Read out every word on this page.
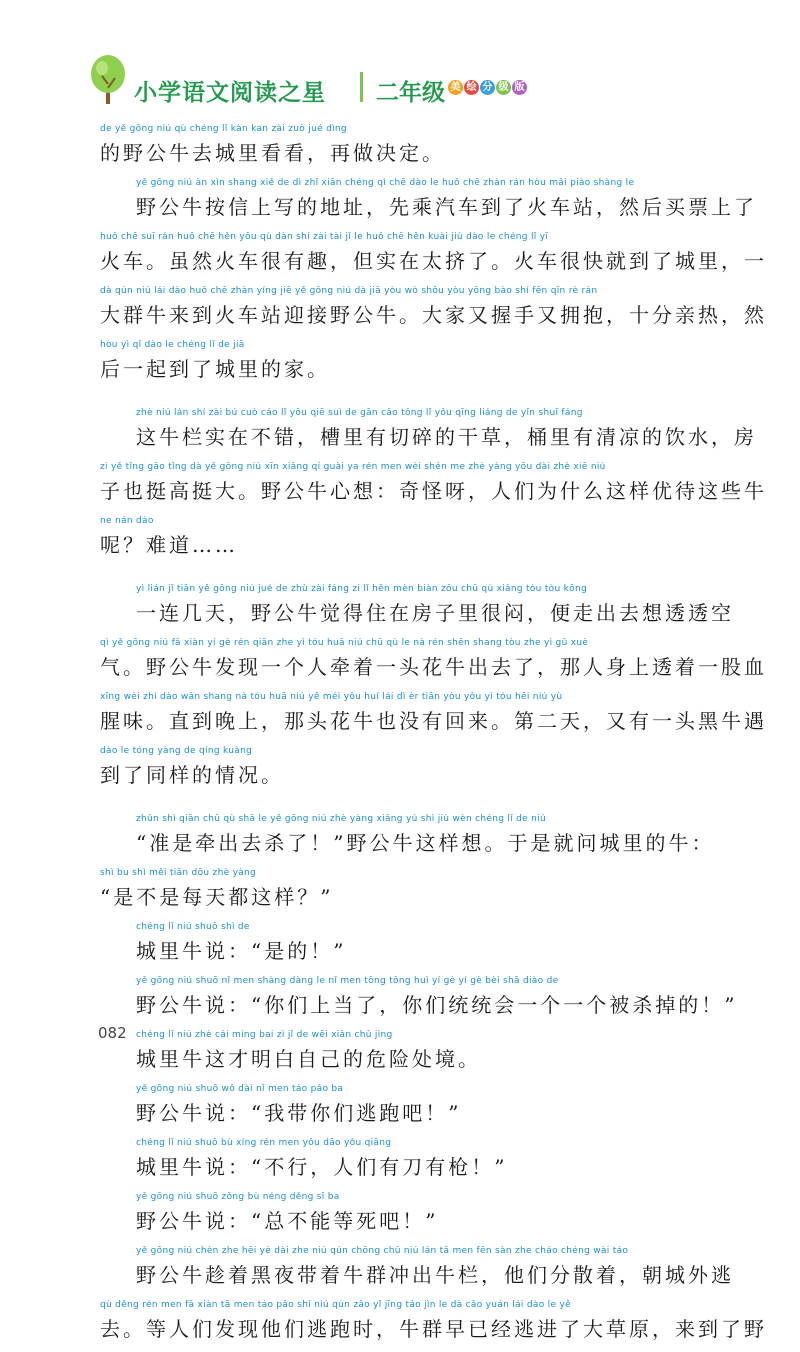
小学语文阅读之星 二年级 美 绘 分 级 版
de yě gōng niú qù chéng lǐ kàn kan zài zuò jué dìng
的野公牛去城里看看，再做决定。
yě gōng niú àn xìn shang xiě de dì zhǐ xiān chéng qì chē dào le huǒ chē zhàn rán hòu mǎi piào shàng le
野公牛按信上写的地址，先乘汽车到了火车站，然后买票上了
huǒ chē suī rán huǒ chē hěn yǒu qù dàn shí zài tài jǐ le huǒ chē hěn kuài jiù dào le chéng lǐ yī
火车。虽然火车很有趣，但实在太挤了。火车很快就到了城里，一
dà qún niú lái dào huǒ chē zhàn yíng jiē yě gōng niú dà jiā yòu wò shǒu yòu yōng bào shí fēn qīn rè rán
大群牛来到火车站迎接野公牛。大家又握手又拥抱，十分亲热，然
hòu yì qǐ dào le chéng lǐ de jiā
后一起到了城里的家。
zhè niú lán shí zài bú cuò cáo lǐ yǒu qiē suì de gān cǎo tǒng lǐ yǒu qīng liáng de yǐn shuǐ fáng
这牛栏实在不错，槽里有切碎的干草，桶里有清凉的饮水，房
zi yě tǐng gāo tǐng dà yě gōng niú xīn xiǎng qí guài ya rén men wèi shén me zhè yàng yōu dài zhè xiē niú
子也挺高挺大。野公牛心想：奇怪呀，人们为什么这样优待这些牛
ne nán dào
呢？难道……
yì lián jǐ tiān yě gōng niú jué de zhù zài fáng zi lǐ hěn mèn biàn zǒu chū qù xiǎng tòu tòu kōng
一连几天，野公牛觉得住在房子里很闷，便走出去想透透空
qì yě gōng niú fā xiàn yí gè rén qiān zhe yì tóu huā niú chū qù le nà rén shēn shang tòu zhe yì gǔ xuè
气。野公牛发现一个人牵着一头花牛出去了，那人身上透着一股血
xīng wèi zhí dào wǎn shang nà tóu huā niú yě méi yǒu huí lái dì èr tiān yòu yǒu yì tóu hēi niú yù
腥味。直到晚上，那头花牛也没有回来。第二天，又有一头黑牛遇
dào le tóng yàng de qíng kuàng
到了同样的情况。
zhǔn shì qiān chū qù shā le yě gōng niú zhè yàng xiǎng yú shì jiù wèn chéng lǐ de niú
“准是牵出去杀了！”野公牛这样想。于是就问城里的牛：
shì bu shì měi tiān dōu zhè yàng
“是不是每天都这样？”
chéng lǐ niú shuō shì de
城里牛说：“是的！”
yě gōng niú shuō nǐ men shàng dàng le nǐ men tǒng tǒng huì yí gè yí gè bèi shā diào de
野公牛说：“你们上当了，你们统统会一个一个被杀掉的！”
chéng lǐ niú zhè cái míng bai zì jǐ de wēi xiǎn chǔ jìng
城里牛这才明白自己的危险处境。
yě gōng niú shuō wǒ dài nǐ men táo pǎo ba
野公牛说：“我带你们逃跑吧！”
chéng lǐ niú shuō bù xíng rén men yǒu dāo yǒu qiāng
城里牛说：“不行，人们有刀有枪！”
yě gōng niú shuō zǒng bù néng děng sǐ ba
野公牛说：“总不能等死吧！”
yě gōng niú chèn zhe hēi yè dài zhe niú qún chōng chū niú lán tā men fēn sàn zhe cháo chéng wài táo
野公牛趁着黑夜带着牛群冲出牛栏，他们分散着，朝城外逃
qù děng rén men fā xiàn tā men táo pǎo shí niú qún zǎo yǐ jīng táo jìn le dà cǎo yuán lái dào le yě
去。等人们发现他们逃跑时，牛群早已经逃进了大草原，来到了野
082
